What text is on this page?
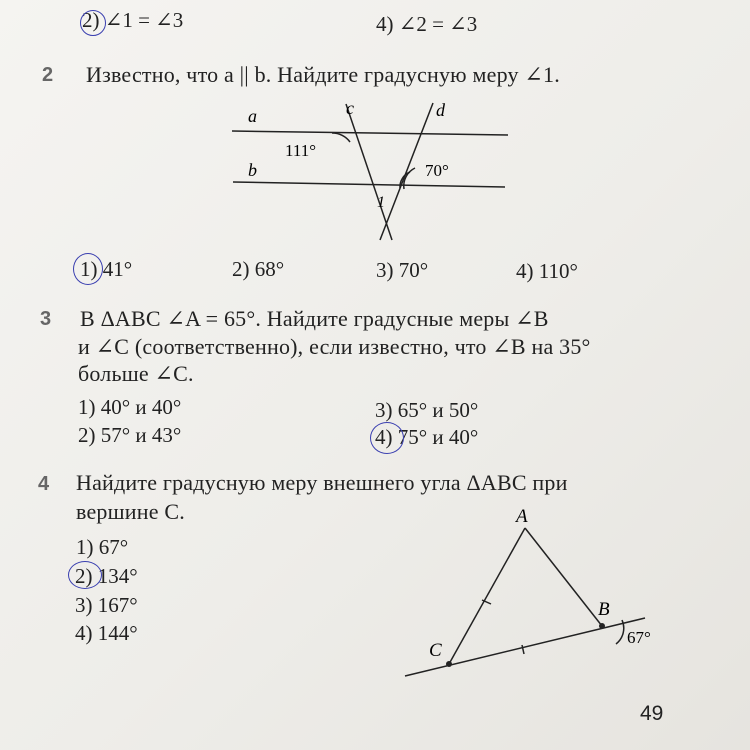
2) ∠1 = ∠3	4) ∠2 = ∠3
2 Известно, что a || b. Найдите градусную меру ∠1.
a	c	d
b
111°
70°
1
A
B
C
67°
1) 41°	2) 68°	3) 70°	4) 110°
3 В ΔABC ∠A = 65°. Найдите градусные меры ∠B
и ∠C (соответственно), если известно, что ∠B на 35°
больше ∠C.
1) 40° и 40°
2) 57° и 43°
3) 65° и 50°
4) 75° и 40°
4 Найдите градусную меру внешнего угла ΔABC при
вершине C.
1) 67°
2) 134°
3) 167°
4) 144°
49
